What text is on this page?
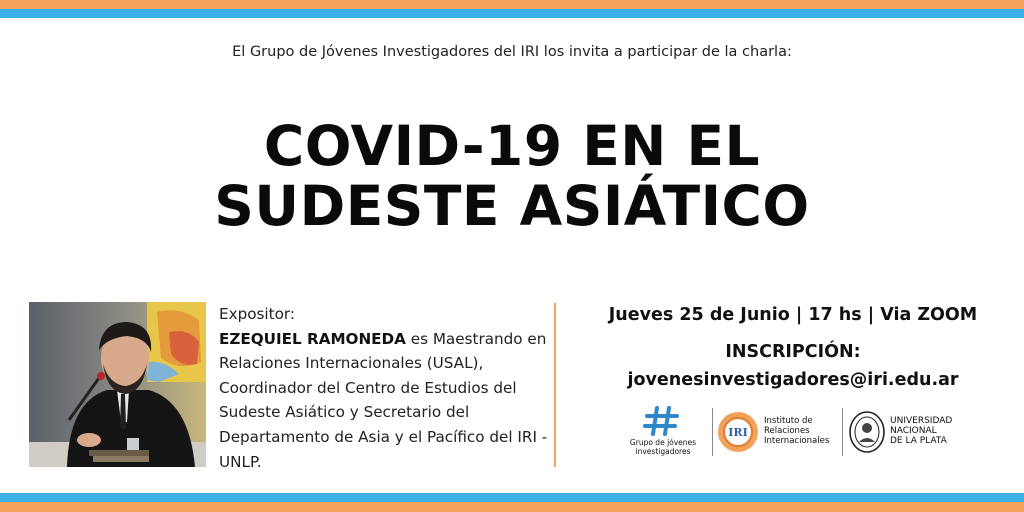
El Grupo de Jóvenes Investigadores del IRI los invita a participar de la charla:
COVID-19 EN EL
SUDESTE ASIÁTICO
Expositor:
EZEQUIEL RAMONEDA es Maestrando en Relaciones Internacionales (USAL), Coordinador del Centro de Estudios del Sudeste Asiático y Secretario del Departamento de Asia y el Pacífico del IRI - UNLP.
Jueves 25 de Junio | 17 hs | Via ZOOM
INSCRIPCIÓN:
jovenesinvestigadores@iri.edu.ar
Grupo de jóvenes
investigadores
IRI
Instituto de
Relaciones
Internacionales
UNIVERSIDAD
NACIONAL
DE LA PLATA
